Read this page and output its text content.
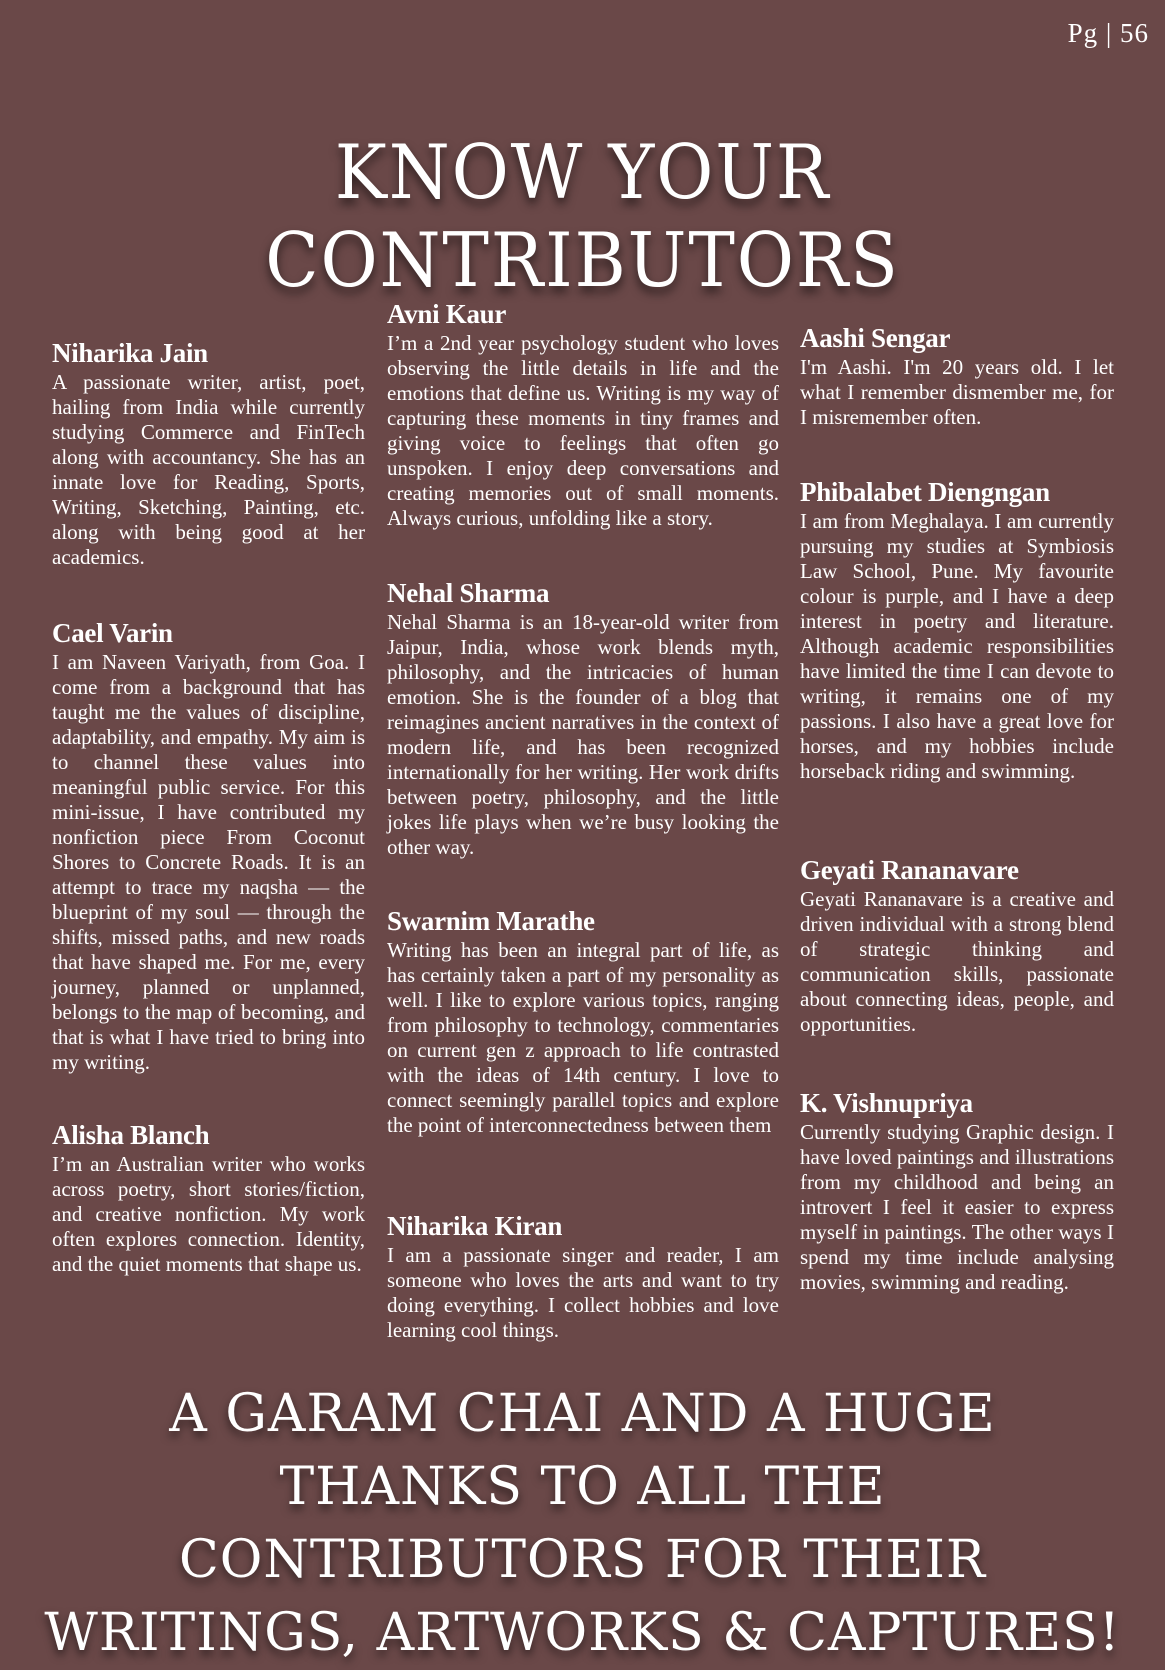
Pg | 56
KNOW YOUR CONTRIBUTORS

Niharika Jain

A passionate writer, artist, poet, hailing from India while currently studying Commerce and FinTech along with accountancy. She has an innate love for Reading, Sports, Writing, Sketching, Painting, etc. along with being good at her academics.

Cael Varin

I am Naveen Variyath, from Goa. I come from a background that has taught me the values of discipline, adaptability, and empathy. My aim is to channel these values into meaningful public service. For this mini-issue, I have contributed my nonfiction piece From Coconut Shores to Concrete Roads. It is an attempt to trace my naqsha — the blueprint of my soul — through the shifts, missed paths, and new roads that have shaped me. For me, every journey, planned or unplanned, belongs to the map of becoming, and that is what I have tried to bring into my writing.

Alisha Blanch

I’m an Australian writer who works across poetry, short stories/fiction, and creative nonfiction. My work often explores connection. Identity, and the quiet moments that shape us.

Avni Kaur

I’m a 2nd year psychology student who loves observing the little details in life and the emotions that define us. Writing is my way of capturing these moments in tiny frames and giving voice to feelings that often go unspoken. I enjoy deep conversations and creating memories out of small moments. Always curious, unfolding like a story.

Nehal Sharma

Nehal Sharma is an 18-year-old writer from Jaipur, India, whose work blends myth, philosophy, and the intricacies of human emotion. She is the founder of a blog that reimagines ancient narratives in the context of modern life, and has been recognized internationally for her writing. Her work drifts between poetry, philosophy, and the little jokes life plays when we’re busy looking the other way.

Swarnim Marathe

Writing has been an integral part of life, as has certainly taken a part of my personality as well. I like to explore various topics, ranging from philosophy to technology, commentaries on current gen z approach to life contrasted with the ideas of 14th century. I love to connect seemingly parallel topics and explore the point of interconnectedness between them

Niharika Kiran

I am a passionate singer and reader, I am someone who loves the arts and want to try doing everything. I collect hobbies and love learning cool things.

Aashi Sengar

I'm Aashi. I'm 20 years old. I let what I remember dismember me, for I misremember often.

Phibalabet Diengngan

I am from Meghalaya. I am currently pursuing my studies at Symbiosis Law School, Pune. My favourite colour is purple, and I have a deep interest in poetry and literature. Although academic responsibilities have limited the time I can devote to writing, it remains one of my passions. I also have a great love for horses, and my hobbies include horseback riding and swimming.

Geyati Rananavare

Geyati Rananavare is a creative and driven individual with a strong blend of strategic thinking and communication skills, passionate about connecting ideas, people, and opportunities.

K. Vishnupriya

Currently studying Graphic design. I have loved paintings and illustrations from my childhood and being an introvert I feel it easier to express myself in paintings. The other ways I spend my time include analysing movies, swimming and reading.

A GARAM CHAI AND A HUGE THANKS TO ALL THE CONTRIBUTORS FOR THEIR WRITINGS, ARTWORKS & CAPTURES!
